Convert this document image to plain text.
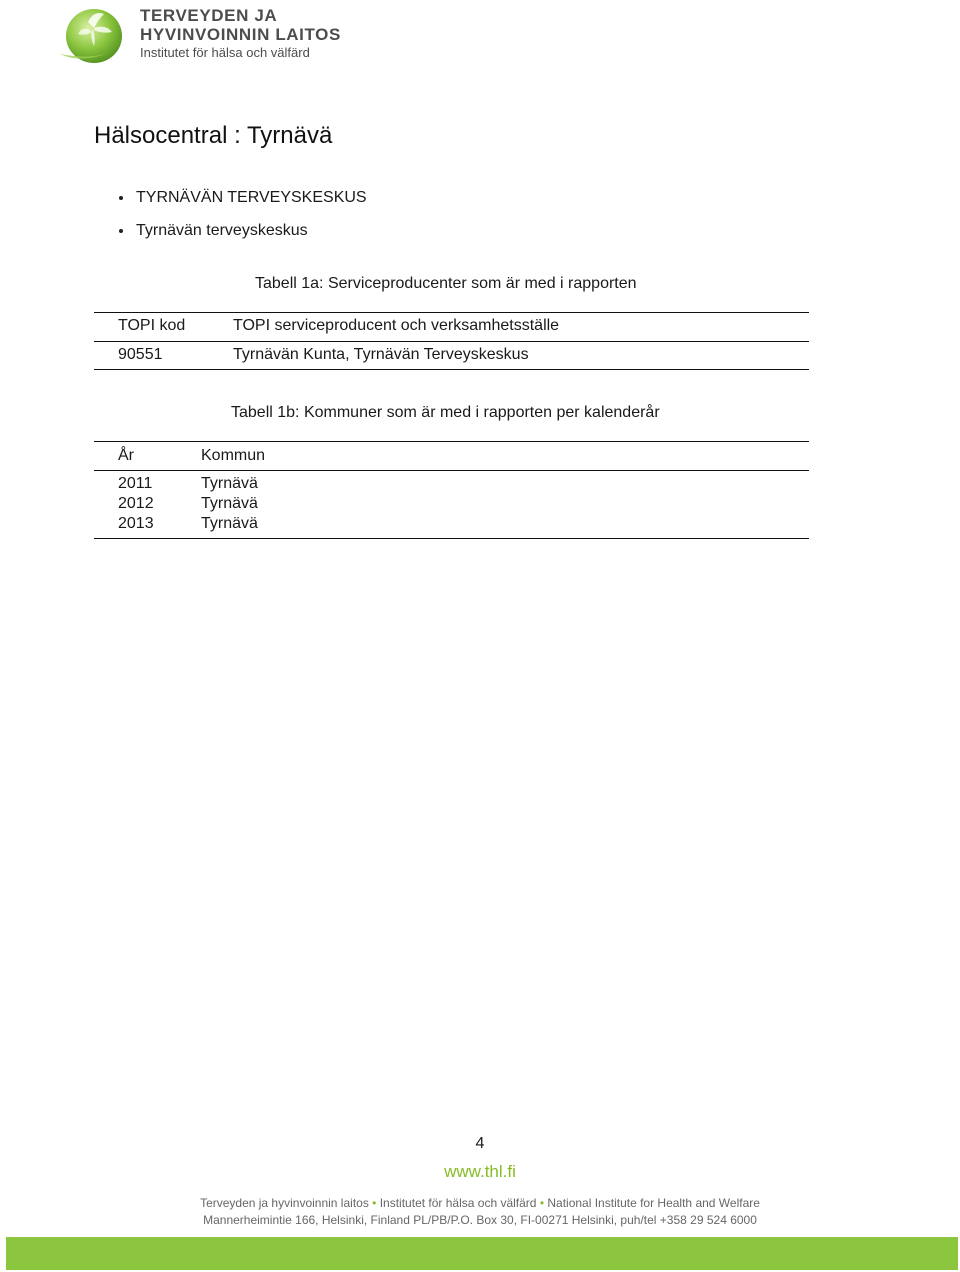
TERVEYDEN JA
HYVINVOINNIN LAITOS
Institutet för hälsa och välfärd
Hälsocentral : Tyrnävä
TYRNÄVÄN TERVEYSKESKUS
Tyrnävän terveyskeskus
Tabell 1a: Serviceproducenter som är med i rapporten
TOPI kod	TOPI serviceproducent och verksamhetsställe
90551	Tyrnävän Kunta, Tyrnävän Terveyskeskus
Tabell 1b: Kommuner som är med i rapporten per kalenderår
År	Kommun
2011	Tyrnävä
2012	Tyrnävä
2013	Tyrnävä
4
www.thl.fi
Terveyden ja hyvinvoinnin laitos • Institutet för hälsa och välfärd • National Institute for Health and Welfare
Mannerheimintie 166, Helsinki, Finland PL/PB/P.O. Box 30, FI-00271 Helsinki, puh/tel +358 29 524 6000
